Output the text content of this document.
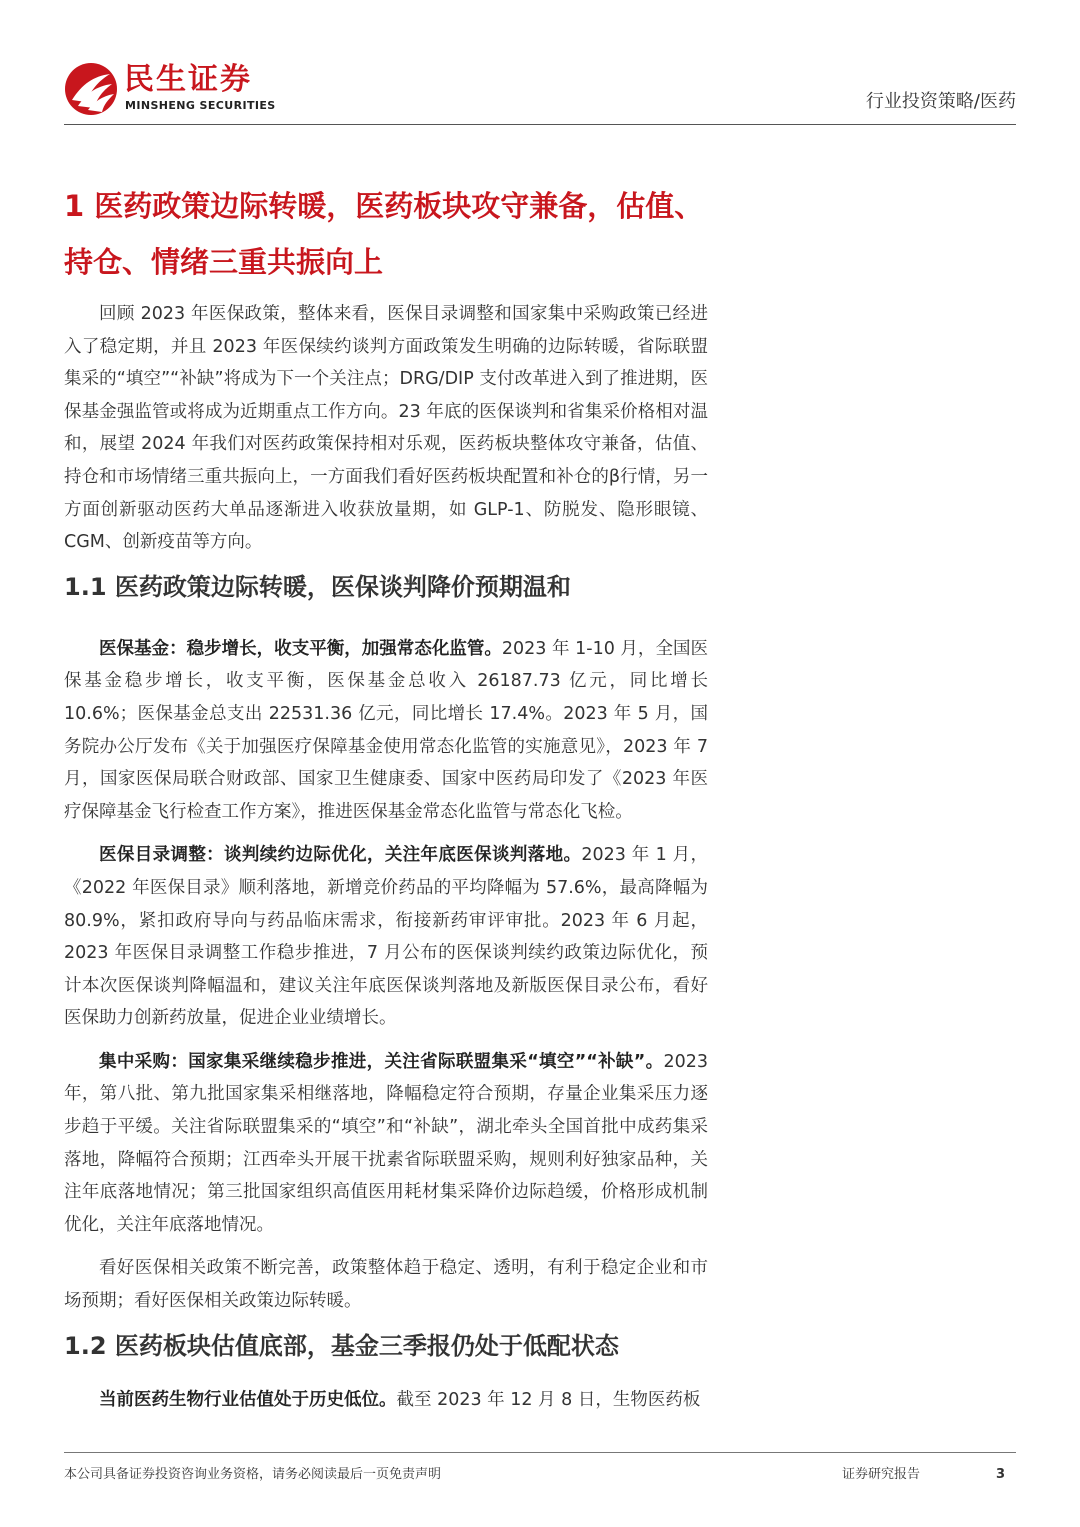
民生证券
MINSHENG SECURITIES	行业投资策略/医药
1 医药政策边际转暖，医药板块攻守兼备，估值、持仓、情绪三重共振向上

回顾 2023 年医保政策，整体来看，医保目录调整和国家集中采购政策已经进入了稳定期，并且 2023 年医保续约谈判方面政策发生明确的边际转暖，省际联盟集采的“填空”“补缺”将成为下一个关注点；DRG/DIP 支付改革进入到了推进期，医保基金强监管或将成为近期重点工作方向。23 年底的医保谈判和省集采价格相对温和，展望 2024 年我们对医药政策保持相对乐观，医药板块整体攻守兼备，估值、持仓和市场情绪三重共振向上，一方面我们看好医药板块配置和补仓的β行情，另一方面创新驱动医药大单品逐渐进入收获放量期，如 GLP-1、防脱发、隐形眼镜、CGM、创新疫苗等方向。

1.1 医药政策边际转暖，医保谈判降价预期温和

医保基金：稳步增长，收支平衡，加强常态化监管。2023 年 1-10 月，全国医保基金稳步增长，收支平衡，医保基金总收入 26187.73 亿元，同比增长 10.6%；医保基金总支出 22531.36 亿元，同比增长 17.4%。2023 年 5 月，国务院办公厅发布《关于加强医疗保障基金使用常态化监管的实施意见》，2023 年 7 月，国家医保局联合财政部、国家卫生健康委、国家中医药局印发了《2023 年医疗保障基金飞行检查工作方案》，推进医保基金常态化监管与常态化飞检。

医保目录调整：谈判续约边际优化，关注年底医保谈判落地。2023 年 1 月，《2022 年医保目录》顺利落地，新增竞价药品的平均降幅为 57.6%，最高降幅为 80.9%，紧扣政府导向与药品临床需求，衔接新药审评审批。2023 年 6 月起，2023 年医保目录调整工作稳步推进，7 月公布的医保谈判续约政策边际优化，预计本次医保谈判降幅温和，建议关注年底医保谈判落地及新版医保目录公布，看好医保助力创新药放量，促进企业业绩增长。

集中采购：国家集采继续稳步推进，关注省际联盟集采“填空”“补缺”。2023 年，第八批、第九批国家集采相继落地，降幅稳定符合预期，存量企业集采压力逐步趋于平缓。关注省际联盟集采的“填空”和“补缺”，湖北牵头全国首批中成药集采落地，降幅符合预期；江西牵头开展干扰素省际联盟采购，规则利好独家品种，关注年底落地情况；第三批国家组织高值医用耗材集采降价边际趋缓，价格形成机制优化，关注年底落地情况。

看好医保相关政策不断完善，政策整体趋于稳定、透明，有利于稳定企业和市场预期；看好医保相关政策边际转暖。

1.2 医药板块估值底部，基金三季报仍处于低配状态

当前医药生物行业估值处于历史低位。截至 2023 年 12 月 8 日，生物医药板

本公司具备证券投资咨询业务资格，请务必阅读最后一页免责声明	证券研究报告	3
